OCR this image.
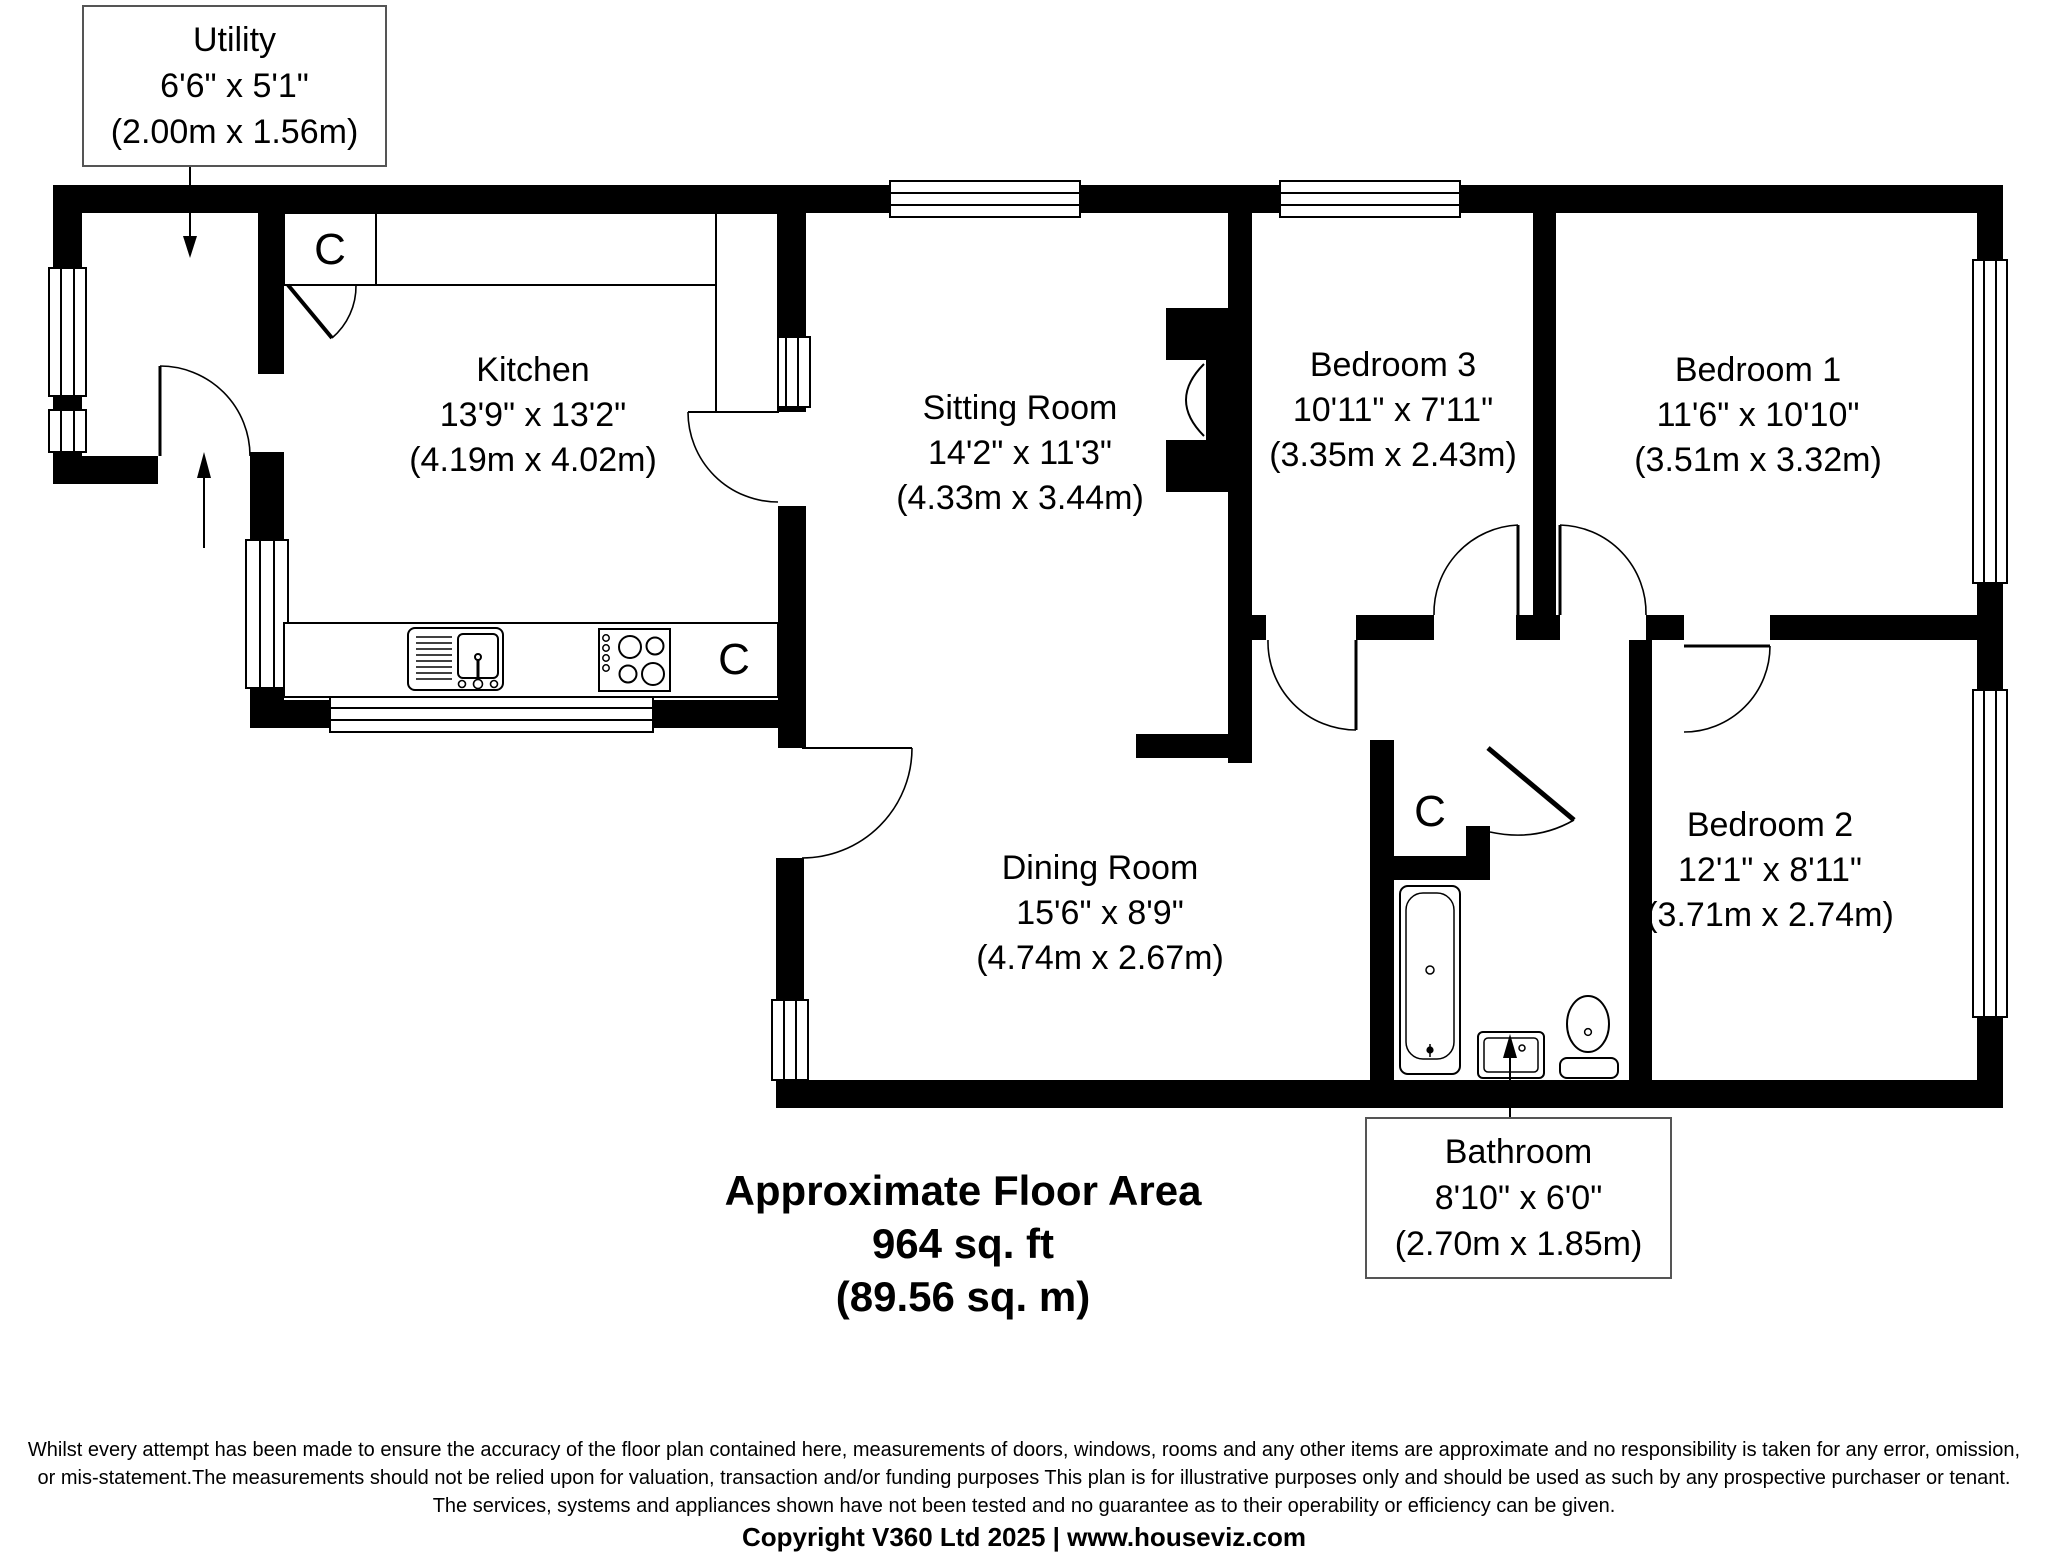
Kitchen
13'9" x 13'2"
(4.19m x 4.02m)
Sitting Room
14'2" x 11'3"
(4.33m x 3.44m)
Bedroom 3
10'11" x 7'11"
(3.35m x 2.43m)
Bedroom 1
11'6" x 10'10"
(3.51m x 3.32m)
Dining Room
15'6" x 8'9"
(4.74m x 2.67m)
Bedroom 2
12'1" x 8'11"
(3.71m x 2.74m)
C
C
C
Utility
6'6" x 5'1"
(2.00m x 1.56m)
Bathroom
8'10" x 6'0"
(2.70m x 1.85m)
Approximate Floor Area
964 sq. ft
(89.56 sq. m)
Whilst every attempt has been made to ensure the accuracy of the floor plan contained here, measurements of doors, windows, rooms and any other items are approximate and no responsibility is taken for any error, omission,
or mis-statement.The measurements should not be relied upon for valuation, transaction and/or funding purposes This plan is for illustrative purposes only and should be used as such by any prospective purchaser or tenant.
The services, systems and appliances shown have not been tested and no guarantee as to their operability or efficiency can be given.
Copyright V360 Ltd 2025 | www.houseviz.com
